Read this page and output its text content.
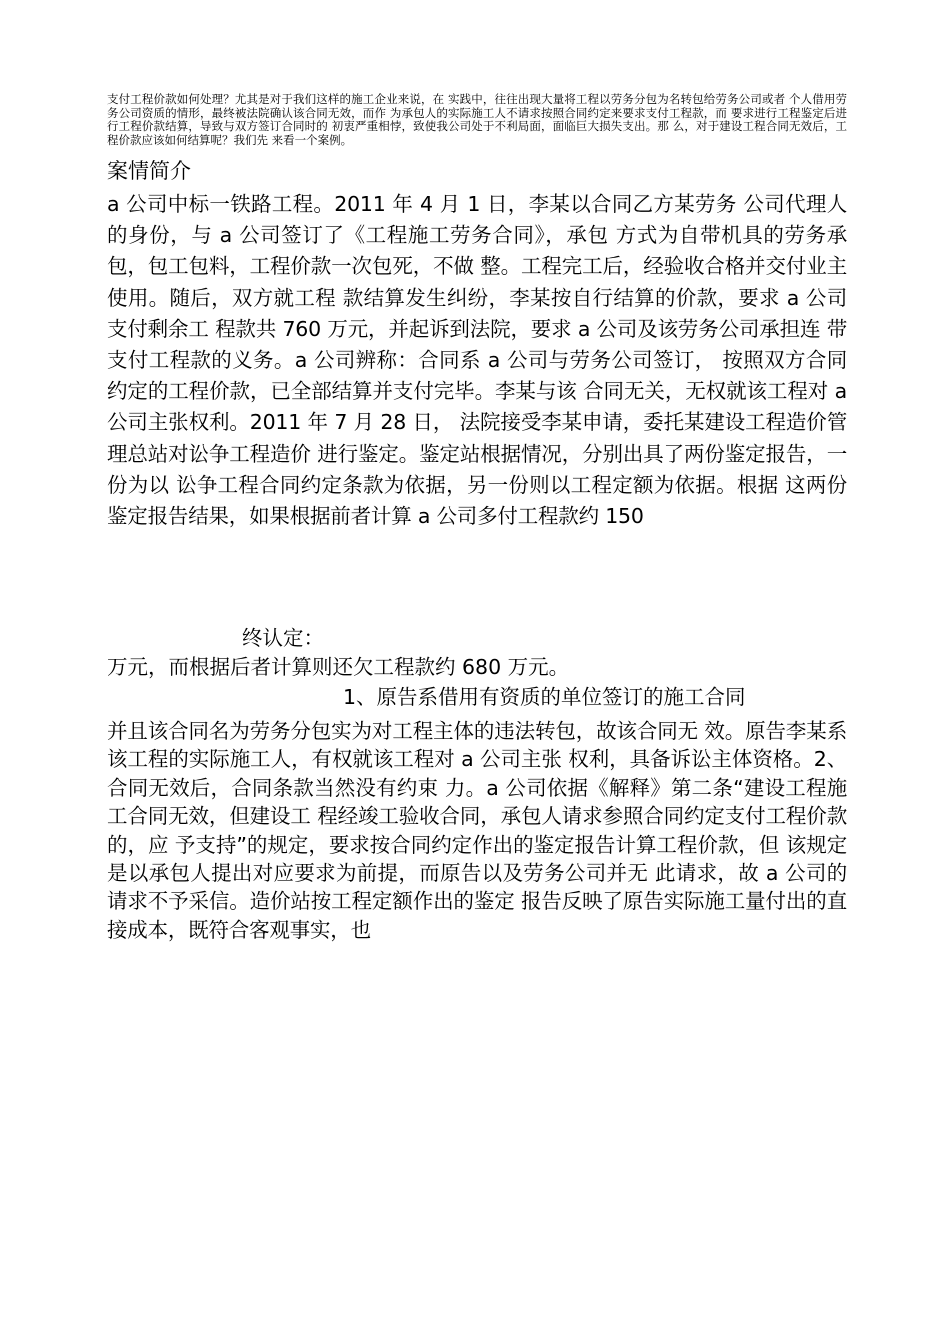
支付工程价款如何处理？尤其是对于我们这样的施工企业来说，在 实践中，往往出现大量将工程以劳务分包为名转包给劳务公司或者 个人借用劳务公司资质的情形，最终被法院确认该合同无效，而作 为承包人的实际施工人不请求按照合同约定来要求支付工程款，而 要求进行工程鉴定后进行工程价款结算，导致与双方签订合同时的 初衷严重相悖，致使我公司处于不利局面，面临巨大损失支出。那 么，对于建设工程合同无效后，工程价款应该如何结算呢？我们先 来看一个案例。
案情简介
a 公司中标一铁路工程。2011 年 4 月 1 日，李某以合同乙方某劳务 公司代理人的身份，与 a 公司签订了《工程施工劳务合同》，承包 方式为自带机具的劳务承包，包工包料，工程价款一次包死，不做 整。工程完工后，经验收合格并交付业主使用。随后，双方就工程 款结算发生纠纷，李某按自行结算的价款，要求 a 公司支付剩余工 程款共 760 万元，并起诉到法院，要求 a 公司及该劳务公司承担连 带支付工程款的义务。a 公司辨称：合同系 a 公司与劳务公司签订， 按照双方合同约定的工程价款，已全部结算并支付完毕。李某与该 合同无关，无权就该工程对 a 公司主张权利。2011 年 7 月 28 日， 法院接受李某申请，委托某建设工程造价管理总站对讼争工程造价 进行鉴定。鉴定站根据情况，分别出具了两份鉴定报告，一份为以 讼争工程合同约定条款为依据，另一份则以工程定额为依据。根据 这两份鉴定报告结果，如果根据前者计算 a 公司多付工程款约 150
终认定：
万元，而根据后者计算则还欠工程款约 680 万元。
1、原告系借用有资质的单位签订的施工合同
并且该合同名为劳务分包实为对工程主体的违法转包，故该合同无 效。原告李某系该工程的实际施工人，有权就该工程对 a 公司主张 权利，具备诉讼主体资格。2、合同无效后，合同条款当然没有约束 力。a 公司依据《解释》第二条“建设工程施工合同无效，但建设工 程经竣工验收合同，承包人请求参照合同约定支付工程价款的，应 予支持”的规定，要求按合同约定作出的鉴定报告计算工程价款，但 该规定是以承包人提出对应要求为前提，而原告以及劳务公司并无 此请求，故 a 公司的请求不予采信。造价站按工程定额作出的鉴定 报告反映了原告实际施工量付出的直接成本，既符合客观事实，也
